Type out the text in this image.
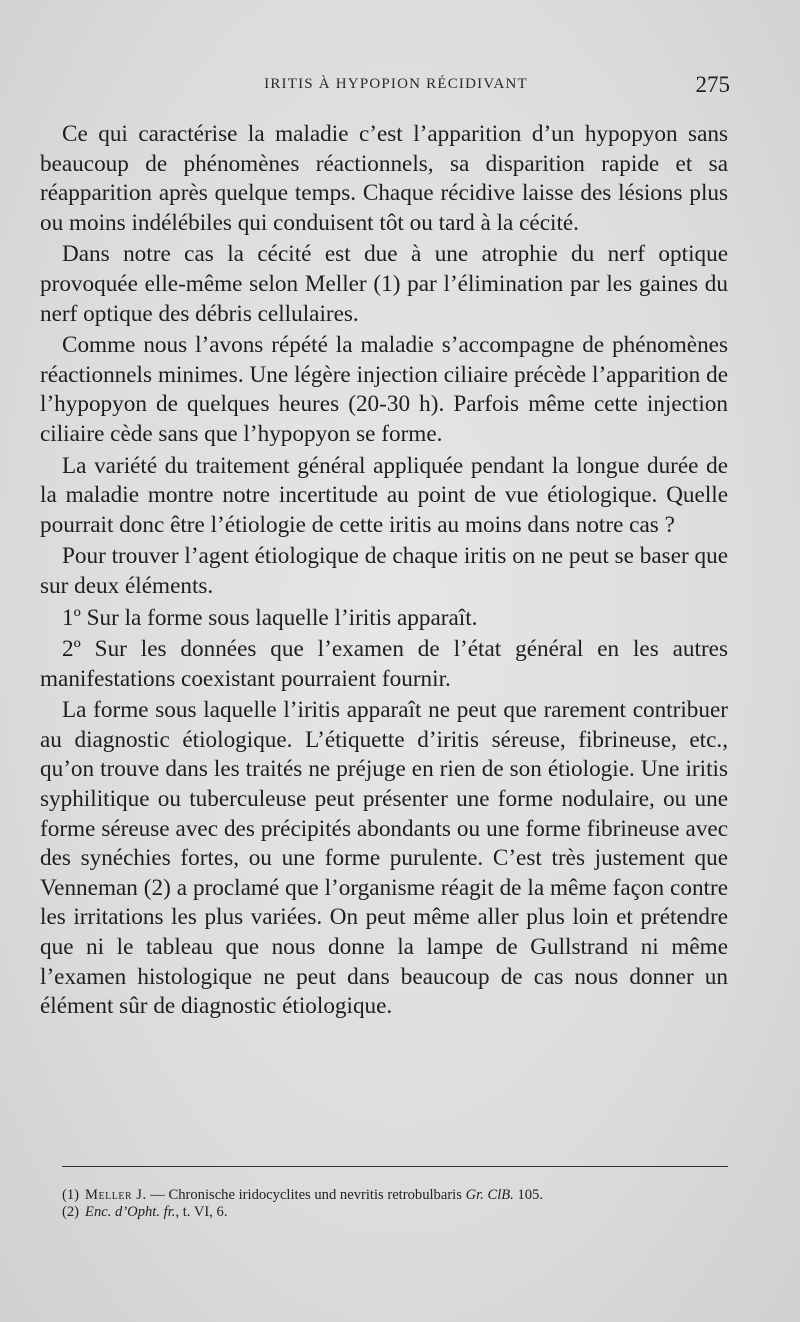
IRITIS À HYPOPION RÉCIDIVANT	275

Ce qui caractérise la maladie c’est l’apparition d’un hypopyon sans beaucoup de phénomènes réactionnels, sa disparition rapide et sa réapparition après quelque temps. Chaque récidive laisse des lésions plus ou moins indélébiles qui conduisent tôt ou tard à la cécité.

Dans notre cas la cécité est due à une atrophie du nerf optique provoquée elle-même selon Meller (1) par l’élimination par les gaines du nerf optique des débris cellulaires.

Comme nous l’avons répété la maladie s’accompagne de phénomènes réactionnels minimes. Une légère injection ciliaire précède l’apparition de l’hypopyon de quelques heures (20-30 h). Parfois même cette injection ciliaire cède sans que l’hypopyon se forme.

La variété du traitement général appliquée pendant la longue durée de la maladie montre notre incertitude au point de vue étiologique. Quelle pourrait donc être l’étiologie de cette iritis au moins dans notre cas ?

Pour trouver l’agent étiologique de chaque iritis on ne peut se baser que sur deux éléments.

1º Sur la forme sous laquelle l’iritis apparaît.

2º Sur les données que l’examen de l’état général en les autres manifestations coexistant pourraient fournir.

La forme sous laquelle l’iritis apparaît ne peut que rarement contribuer au diagnostic étiologique. L’étiquette d’iritis séreuse, fibrineuse, etc., qu’on trouve dans les traités ne préjuge en rien de son étiologie. Une iritis syphilitique ou tuberculeuse peut présenter une forme nodulaire, ou une forme séreuse avec des précipités abondants ou une forme fibrineuse avec des synéchies fortes, ou une forme purulente. C’est très justement que Venneman (2) a proclamé que l’organisme réagit de la même façon contre les irritations les plus variées. On peut même aller plus loin et prétendre que ni le tableau que nous donne la lampe de Gullstrand ni même l’examen histologique ne peut dans beaucoup de cas nous donner un élément sûr de diagnostic étiologique.

(1) Meller J. — Chronische iridocyclites und nevritis retrobulbaris Gr. ClB. 105.

(2) Enc. d’Opht. fr., t. VI, 6.
